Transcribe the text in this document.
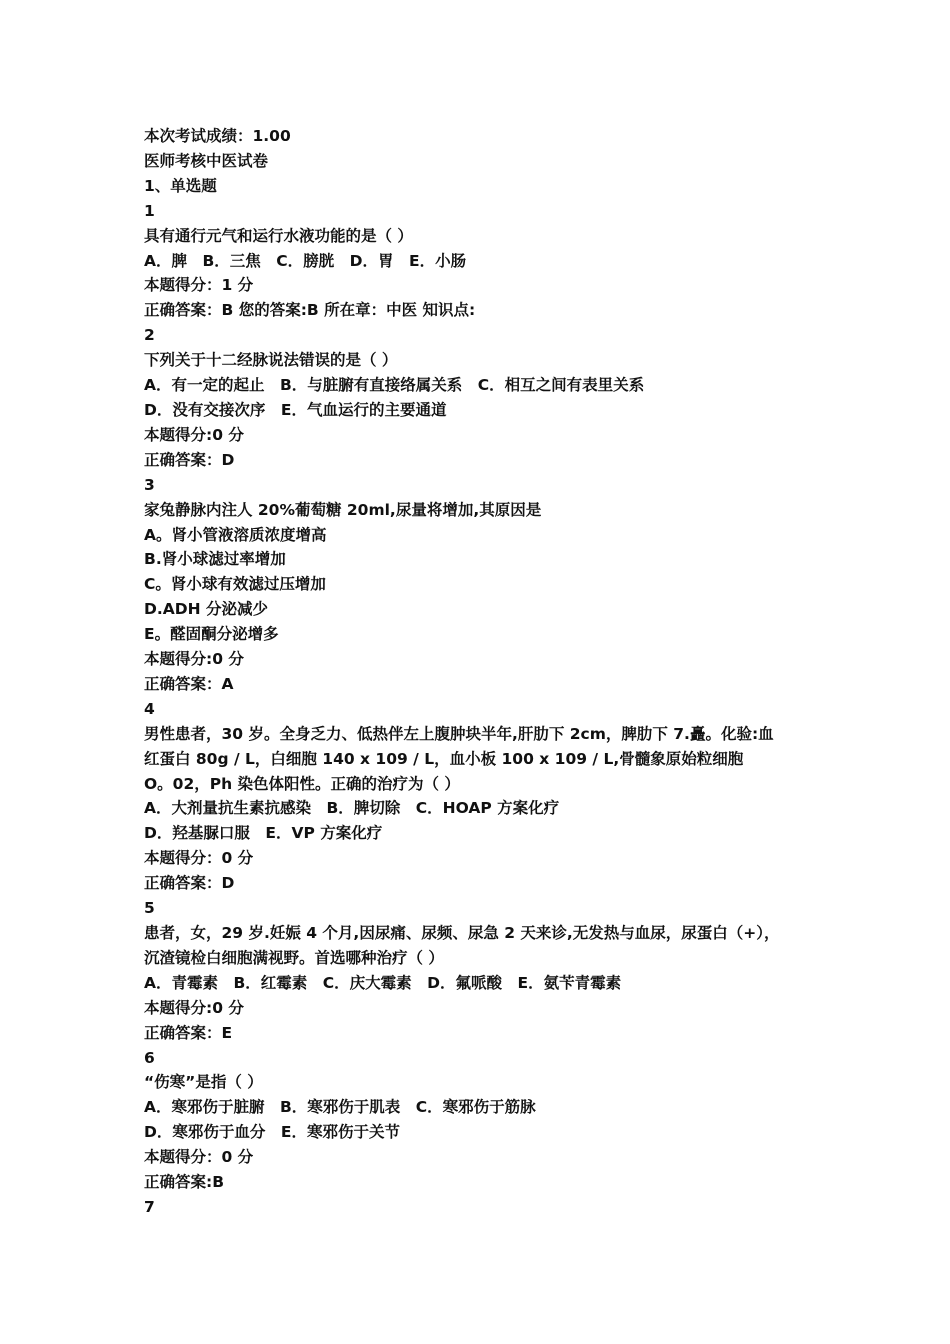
本次考试成绩：1.00
医师考核中医试卷
1、单选题
1
具有通行元气和运行水液功能的是（ ）
A．脾　B．三焦　C．膀胱　D．胃　E．小肠
本题得分：1 分
正确答案：B 您的答案:B 所在章：中医 知识点:
2
下列关于十二经脉说法错误的是（ ）
A．有一定的起止　B．与脏腑有直接络属关系　C．相互之间有表里关系
D．没有交接次序　E．气血运行的主要通道
本题得分:0 分
正确答案：D
3
家兔静脉内注人 20%葡萄糖 20ml,尿量将增加,其原因是
A。肾小管液溶质浓度增高
B.肾小球滤过率增加
C。肾小球有效滤过压增加
D.ADH 分泌减少
E。醛固酮分泌增多
本题得分:0 分
正确答案：A
4
男性患者，30 岁。全身乏力、低热伴左上腹肿块半年,肝肋下 2cm，脾肋下 7.矗。化验:血
红蛋白 80g / L，白细胞 140 x 109 / L，血小板 100 x 109 / L,骨髓象原始粒细胞
O。02，Ph 染色体阳性。正确的治疗为（ ）
A．大剂量抗生素抗感染　B．脾切除　C．HOAP 方案化疗
D．羟基脲口服　E．VP 方案化疗
本题得分：0 分
正确答案：D
5
患者，女，29 岁.妊娠 4 个月,因尿痛、尿频、尿急 2 天来诊,无发热与血尿，尿蛋白（+），
沉渣镜检白细胞满视野。首选哪种治疗（ ）
A．青霉素　B．红霉素　C．庆大霉素　D．氟哌酸　E．氨苄青霉素
本题得分:0 分
正确答案：E
6
“伤寒”是指（ ）
A．寒邪伤于脏腑　B．寒邪伤于肌表　C．寒邪伤于筋脉
D．寒邪伤于血分　E．寒邪伤于关节
本题得分：0 分
正确答案:B
7
